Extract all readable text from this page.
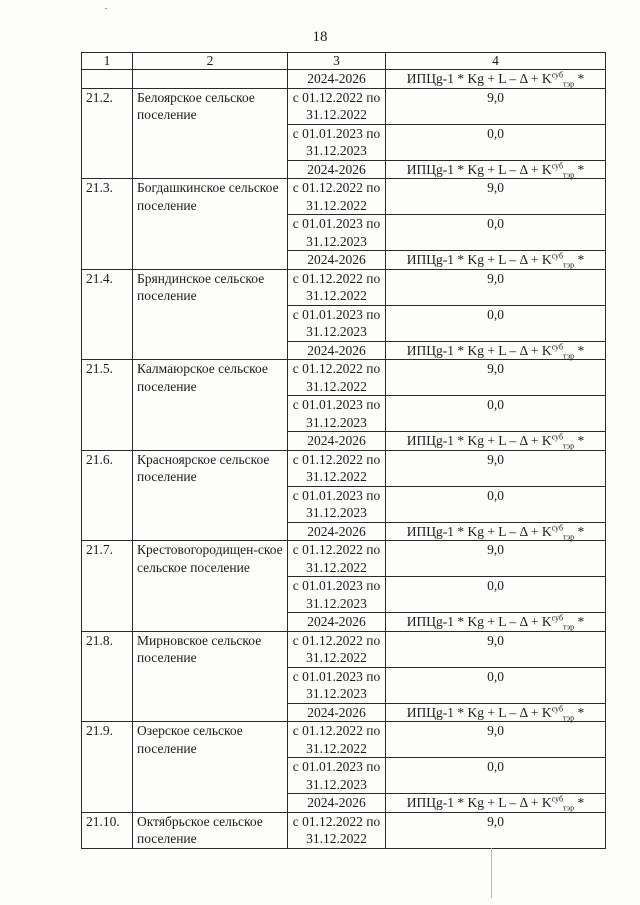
18
1	2	3	4
		2024-2026	ИПЦg-1 * $Kg + L - \Delta + K^{суб}_{тэр}$ *
21.2.	Белоярское сельское поселение	с 01.12.2022 по 31.12.2022	9,0
		с 01.01.2023 по 31.12.2023	0,0
		2024-2026	ИПЦg-1 * $Kg + L - \Delta + K^{суб}_{тэр}$ *
21.3.	Богдашкинское сельское поселение	с 01.12.2022 по 31.12.2022	9,0
		с 01.01.2023 по 31.12.2023	0,0
		2024-2026	ИПЦg-1 * $Kg + L - \Delta + K^{суб}_{тэр}$ *
21.4.	Бряндинское сельское поселение	с 01.12.2022 по 31.12.2022	9,0
		с 01.01.2023 по 31.12.2023	0,0
		2024-2026	ИПЦg-1 * $Kg + L - \Delta + K^{суб}_{тэр}$ *
21.5.	Калмаюрское сельское поселение	с 01.12.2022 по 31.12.2022	9,0
		с 01.01.2023 по 31.12.2023	0,0
		2024-2026	ИПЦg-1 * $Kg + L - \Delta + K^{суб}_{тэр}$ *
21.6.	Красноярское сельское поселение	с 01.12.2022 по 31.12.2022	9,0
		с 01.01.2023 по 31.12.2023	0,0
		2024-2026	ИПЦg-1 * $Kg + L - \Delta + K^{суб}_{тэр}$ *
21.7.	Крестовогородищен-ское сельское поселение	с 01.12.2022 по 31.12.2022	9,0
		с 01.01.2023 по 31.12.2023	0,0
		2024-2026	ИПЦg-1 * $Kg + L - \Delta + K^{суб}_{тэр}$ *
21.8.	Мирновское сельское поселение	с 01.12.2022 по 31.12.2022	9,0
		с 01.01.2023 по 31.12.2023	0,0
		2024-2026	ИПЦg-1 * $Kg + L - \Delta + K^{суб}_{тэр}$ *
21.9.	Озерское сельское поселение	с 01.12.2022 по 31.12.2022	9,0
		с 01.01.2023 по 31.12.2023	0,0
		2024-2026	ИПЦg-1 * $Kg + L - \Delta + K^{суб}_{тэр}$ *
21.10.	Октябрьское сельское поселение	с 01.12.2022 по 31.12.2022	9,0
